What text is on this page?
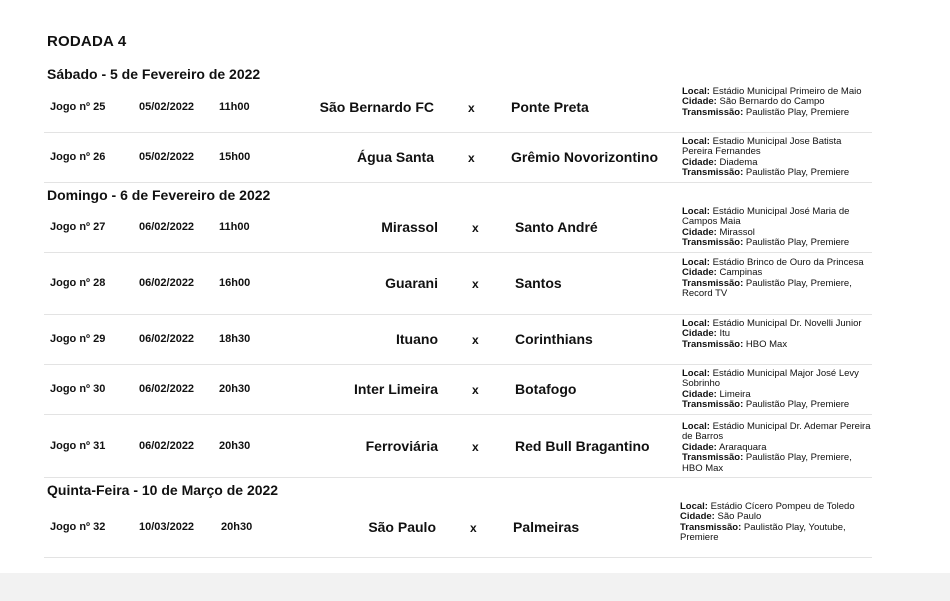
RODADA 4
Sábado - 5 de Fevereiro de 2022
Domingo - 6 de Fevereiro de 2022
Quinta-Feira - 10 de Março de 2022
Jogo nº 25	05/02/2022 11h00	São Bernardo FC	x	Ponte Preta
Local: Estádio Municipal Primeiro de Maio
Cidade: São Bernardo do Campo
Transmissão: Paulistão Play, Premiere
Jogo nº 26	05/02/2022 15h00	Água Santa	x	Grêmio Novorizontino
Local: Estadio Municipal Jose Batista Pereira Fernandes
Cidade: Diadema
Transmissão: Paulistão Play, Premiere
Jogo nº 27	06/02/2022 11h00	Mirassol	x	Santo André
Local: Estádio Municipal José Maria de Campos Maia
Cidade: Mirassol
Transmissão: Paulistão Play, Premiere
Jogo nº 28	06/02/2022 16h00	Guarani	x	Santos
Local: Estádio Brinco de Ouro da Princesa
Cidade: Campinas
Transmissão: Paulistão Play, Premiere, Record TV
Jogo nº 29	06/02/2022 18h30	Ituano	x	Corinthians
Local: Estádio Municipal Dr. Novelli Junior
Cidade: Itu
Transmissão: HBO Max
Jogo nº 30	06/02/2022 20h30	Inter Limeira	x	Botafogo
Local: Estádio Municipal Major José Levy Sobrinho
Cidade: Limeira
Transmissão: Paulistão Play, Premiere
Jogo nº 31	06/02/2022 20h30	Ferroviária	x	Red Bull Bragantino
Local: Estádio Municipal Dr. Ademar Pereira de Barros
Cidade: Araraquara
Transmissão: Paulistão Play, Premiere, HBO Max
Jogo nº 32	10/03/2022 20h30	São Paulo	x	Palmeiras
Local: Estádio Cícero Pompeu de Toledo
Cidade: São Paulo
Transmissão: Paulistão Play, Youtube, Premiere
